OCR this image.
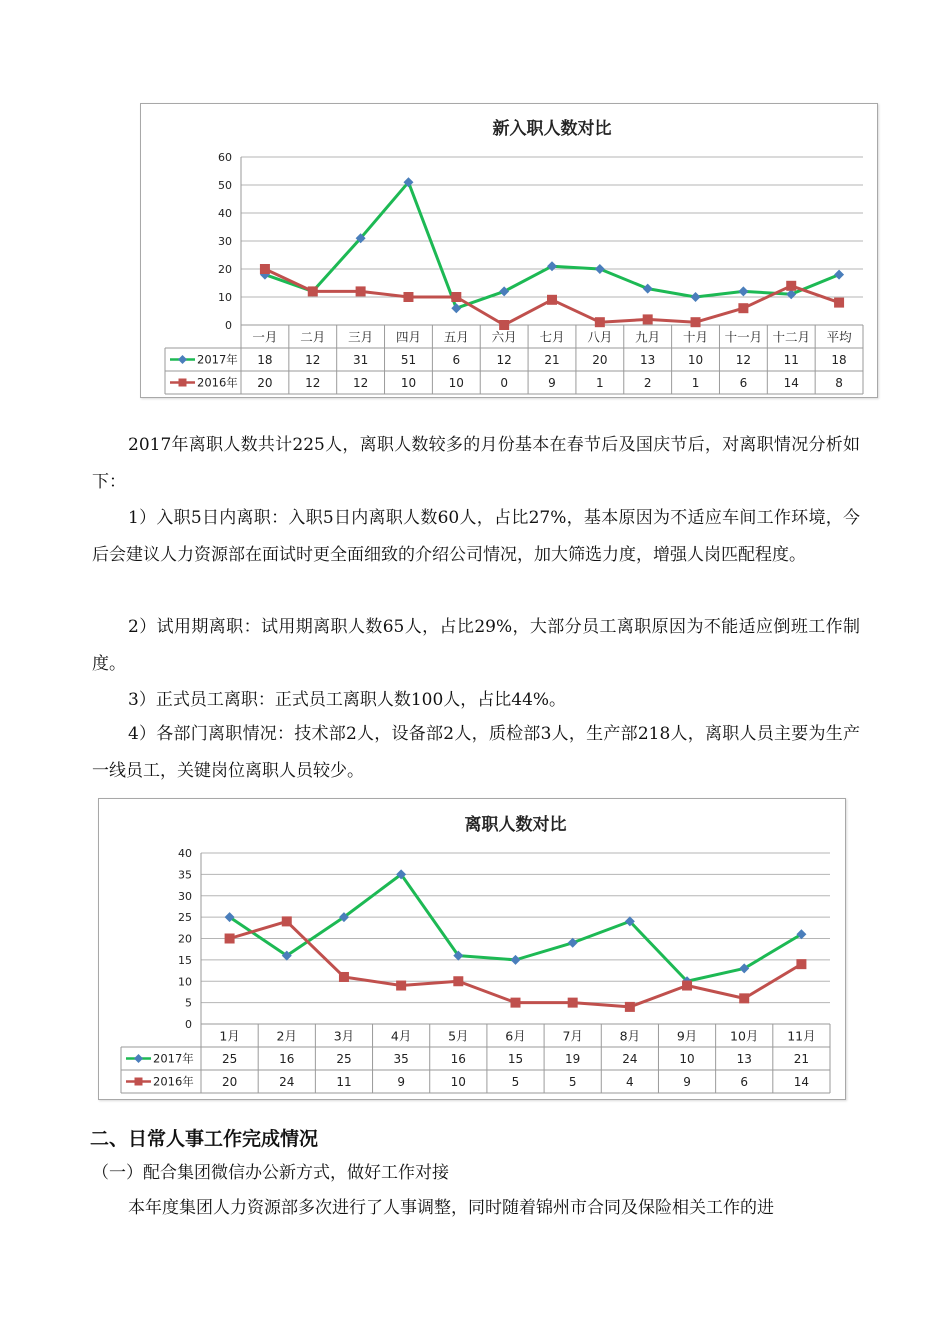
新入职人数对比
0
10
20
30
40
50
60
一月 二月 三月 四月 五月 六月 七月 八月 九月 十月 十一月 十二月 平均
2017年 18	12	31	51	6	12	21	20	13	10	12	11	18
2016年 20	12	12	10	10	0	9	1	2	1	6	14	8

2017年离职人数共计225人，离职人数较多的月份基本在春节后及国庆节后，对离职情况分析如下：

1）入职5日内离职：入职5日内离职人数60人，占比27%，基本原因为不适应车间工作环境，今后会建议人力资源部在面试时更全面细致的介绍公司情况，加大筛选力度，增强人岗匹配程度。

2）试用期离职：试用期离职人数65人，占比29%，大部分员工离职原因为不能适应倒班工作制度。

3）正式员工离职：正式员工离职人数100人，占比44%。

4）各部门离职情况：技术部2人，设备部2人，质检部3人，生产部218人，离职人员主要为生产一线员工，关键岗位离职人员较少。

离职人数对比
0
5
10
15
20
25
30
35
40
1月	2月	3月	4月	5月	6月	7月	8月	9月	10月 11月
2017年 25	16	25	35	16	15	19	24	10	13	21
2016年 20	24	11	9	10	5	5	4	9	6	14
二、日常人事工作完成情况

（一）配合集团微信办公新方式，做好工作对接

本年度集团人力资源部多次进行了人事调整，同时随着锦州市合同及保险相关工作的进
